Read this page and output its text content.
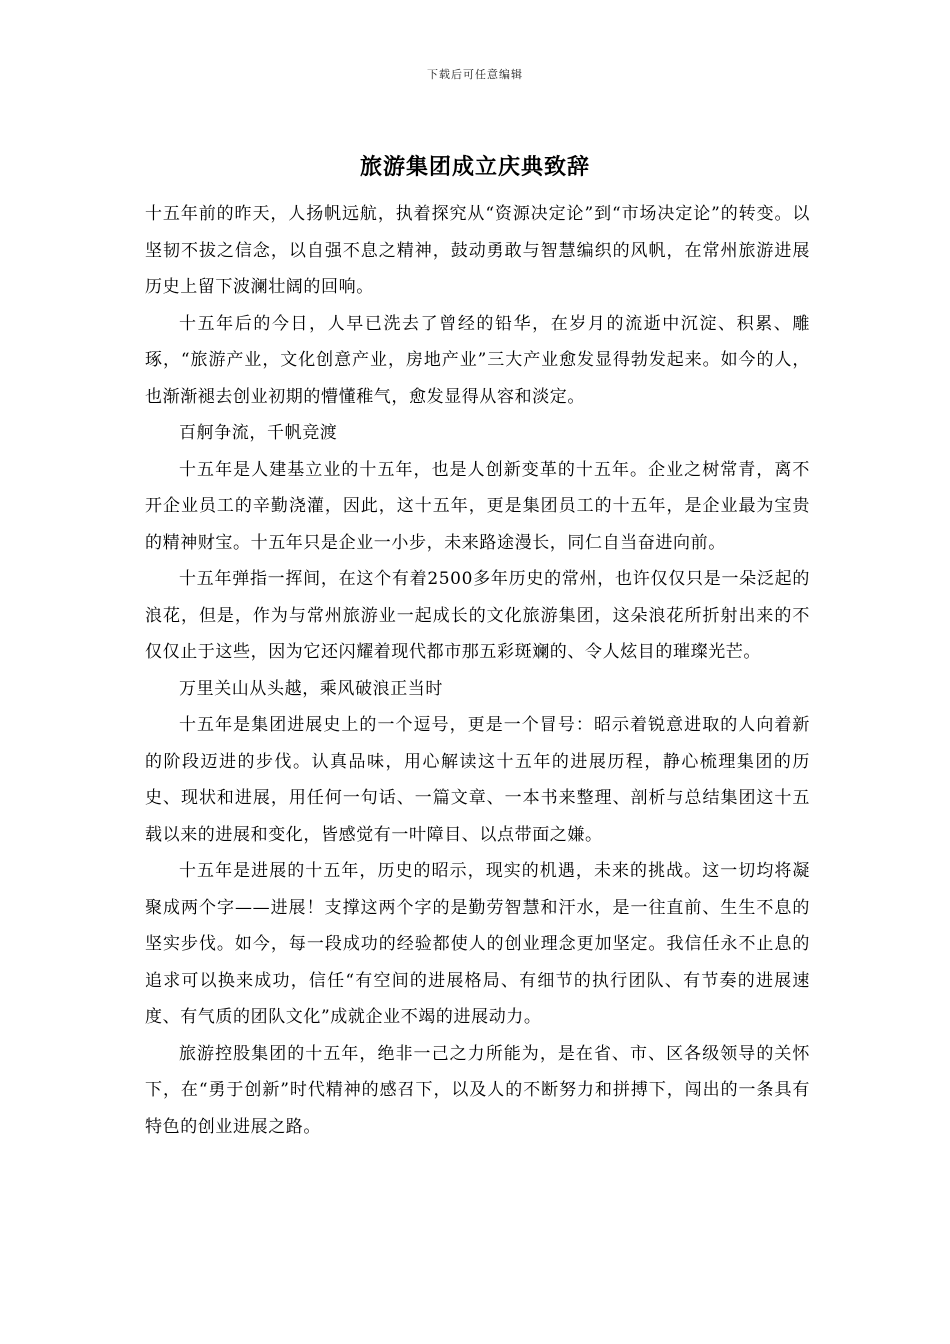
下载后可任意编辑
旅游集团成立庆典致辞

十五年前的昨天，人扬帆远航，执着探究从“资源决定论”到“市场决定论”的转变。以坚韧不拔之信念，以自强不息之精神，鼓动勇敢与智慧编织的风帆，在常州旅游进展历史上留下波澜壮阔的回响。

十五年后的今日，人早已洗去了曾经的铅华，在岁月的流逝中沉淀、积累、雕琢，“旅游产业，文化创意产业，房地产业”三大产业愈发显得勃发起来。如今的人，也渐渐褪去创业初期的懵懂稚气，愈发显得从容和淡定。

百舸争流，千帆竞渡

十五年是人建基立业的十五年，也是人创新变革的十五年。企业之树常青，离不开企业员工的辛勤浇灌，因此，这十五年，更是集团员工的十五年，是企业最为宝贵的精神财宝。十五年只是企业一小步，未来路途漫长，同仁自当奋进向前。

十五年弹指一挥间，在这个有着2500多年历史的常州，也许仅仅只是一朵泛起的浪花，但是，作为与常州旅游业一起成长的文化旅游集团，这朵浪花所折射出来的不仅仅止于这些，因为它还闪耀着现代都市那五彩斑斓的、令人炫目的璀璨光芒。

万里关山从头越，乘风破浪正当时

十五年是集团进展史上的一个逗号，更是一个冒号：昭示着锐意进取的人向着新的阶段迈进的步伐。认真品味，用心解读这十五年的进展历程，静心梳理集团的历史、现状和进展，用任何一句话、一篇文章、一本书来整理、剖析与总结集团这十五载以来的进展和变化，皆感觉有一叶障目、以点带面之嫌。

十五年是进展的十五年，历史的昭示，现实的机遇，未来的挑战。这一切均将凝聚成两个字——进展！支撑这两个字的是勤劳智慧和汗水，是一往直前、生生不息的坚实步伐。如今，每一段成功的经验都使人的创业理念更加坚定。我信任永不止息的追求可以换来成功，信任“有空间的进展格局、有细节的执行团队、有节奏的进展速度、有气质的团队文化”成就企业不竭的进展动力。

旅游控股集团的十五年，绝非一己之力所能为，是在省、市、区各级领导的关怀下，在“勇于创新”时代精神的感召下，以及人的不断努力和拼搏下，闯出的一条具有特色的创业进展之路。
